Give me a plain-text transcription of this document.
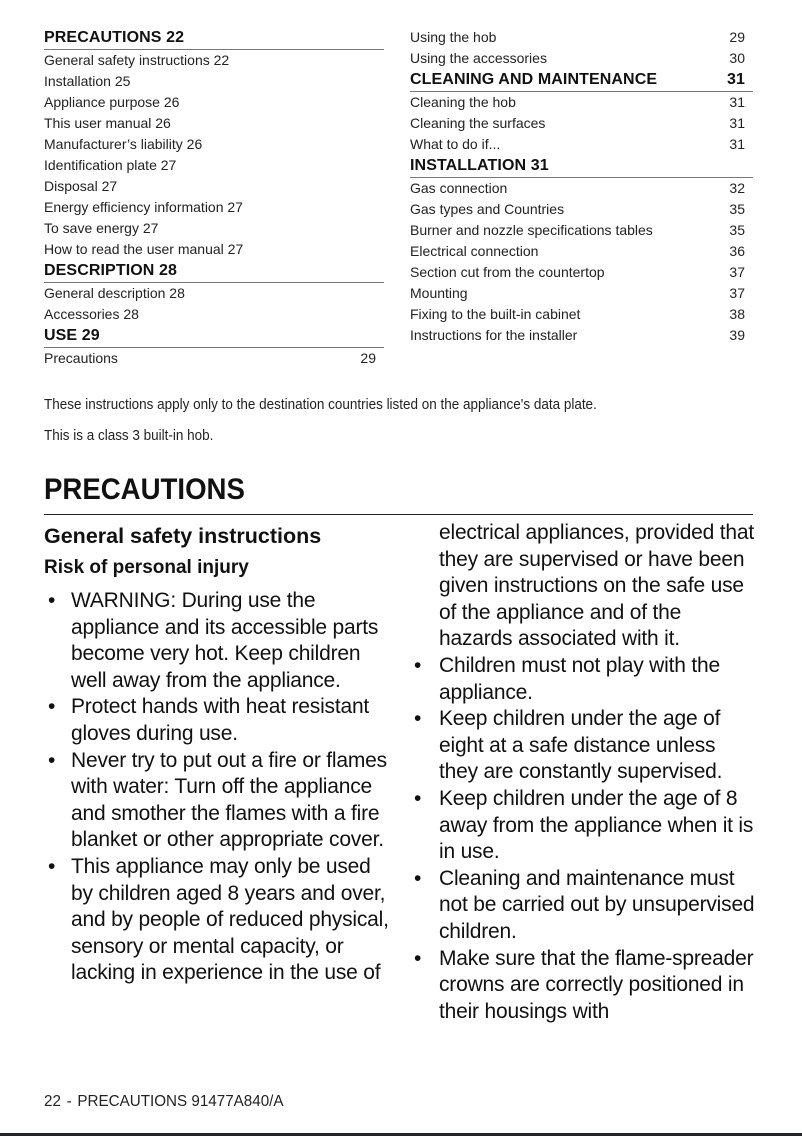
PRECAUTIONS 22
General safety instructions 22
Installation 25
Appliance purpose 26
This user manual 26
Manufacturer’s liability 26
Identification plate 27
Disposal 27
Energy efficiency information 27
To save energy 27
How to read the user manual 27
DESCRIPTION 28
General description 28
Accessories 28
USE 29
Precautions	29
Using the hob	29
Using the accessories	30
CLEANING AND MAINTENANCE	31
Cleaning the hob	31
Cleaning the surfaces	31
What to do if...	31
INSTALLATION 31
Gas connection	32
Gas types and Countries	35
Burner and nozzle specifications tables	35
Electrical connection	36
Section cut from the countertop	37
Mounting	37
Fixing to the built-in cabinet	38
Instructions for the installer	39
These instructions apply only to the destination countries listed on the appliance's data plate.
This is a class 3 built-in hob.
PRECAUTIONS
General safety instructions
Risk of personal injury
• WARNING: During use the appliance and its accessible parts become very hot. Keep children well away from the appliance.
• Protect hands with heat resistant gloves during use.
• Never try to put out a fire or flames with water: Turn off the appliance and smother the flames with a fire blanket or other appropriate cover.
• This appliance may only be used by children aged 8 years and over, and by people of reduced physical, sensory or mental capacity, or lacking in experience in the use of
electrical appliances, provided that they are supervised or have been given instructions on the safe use of the appliance and of the hazards associated with it.
• Children must not play with the appliance.
• Keep children under the age of eight at a safe distance unless they are constantly supervised.
• Keep children under the age of 8 away from the appliance when it is in use.
• Cleaning and maintenance must not be carried out by unsupervised children.
• Make sure that the flame-spreader crowns are correctly positioned in their housings with
22 - PRECAUTIONS 91477A840/A
